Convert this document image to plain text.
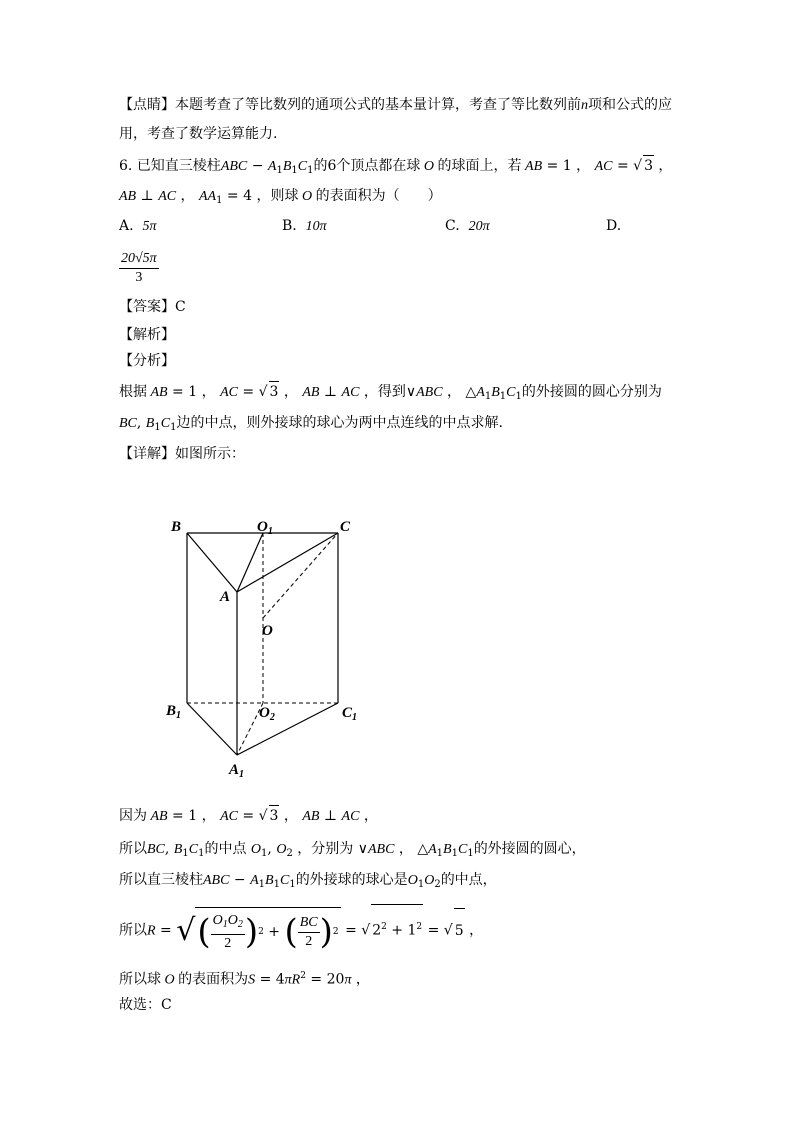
【点睛】本题考查了等比数列的通项公式的基本量计算，考查了等比数列前n项和公式的应
用，考查了数学运算能力.
6. 已知直三棱柱ABC − $A_1B_1C_1$的6个顶点都在球 O 的球面上，若 AB = 1 ， AC = √ 3 ，
AB ⊥ AC ， $AA_1 = 4$ ，则球 O 的表面积为（　　）
A. 5π	B. 10π	C. 20π	D.
$\frac{20√5\pi}{3}$
【答案】C
【解析】
【分析】
根据 AB = 1 ， AC = √ 3 ， AB ⊥ AC ，得到∨ABC ， $\triangle A_1B_1C_1$的外接圆的圆心分别为
BC, $B_1C_1$边的中点，则外接球的球心为两中点连线的中点求解.
【详解】如图所示：
B	$O_1$	C
A
O
$B_1$	$O_2$	$C_1$
$A_1$
因为 AB = 1 ， AC = √ 3 ， AB ⊥ AC ，
所以BC, $B_1C_1$的中点 $O_1$, $O_2$ ，分别为 ∨ABC ， $\triangle A_1B_1C_1$的外接圆的圆心，
所以直三棱柱ABC − $A_1B_1C_1$的外接球的球心是$O_1O_2$的中点，
所以R = √ ( $\frac{O_1O_2}{2}$ ) 2 + ( $\frac{BC}{2}$ ) 2 = √ $2^2 + 1^2$ = √ 5 ，
所以球 O 的表面积为$S = 4\pi R^2 = 20\pi$ ，
故选：C
